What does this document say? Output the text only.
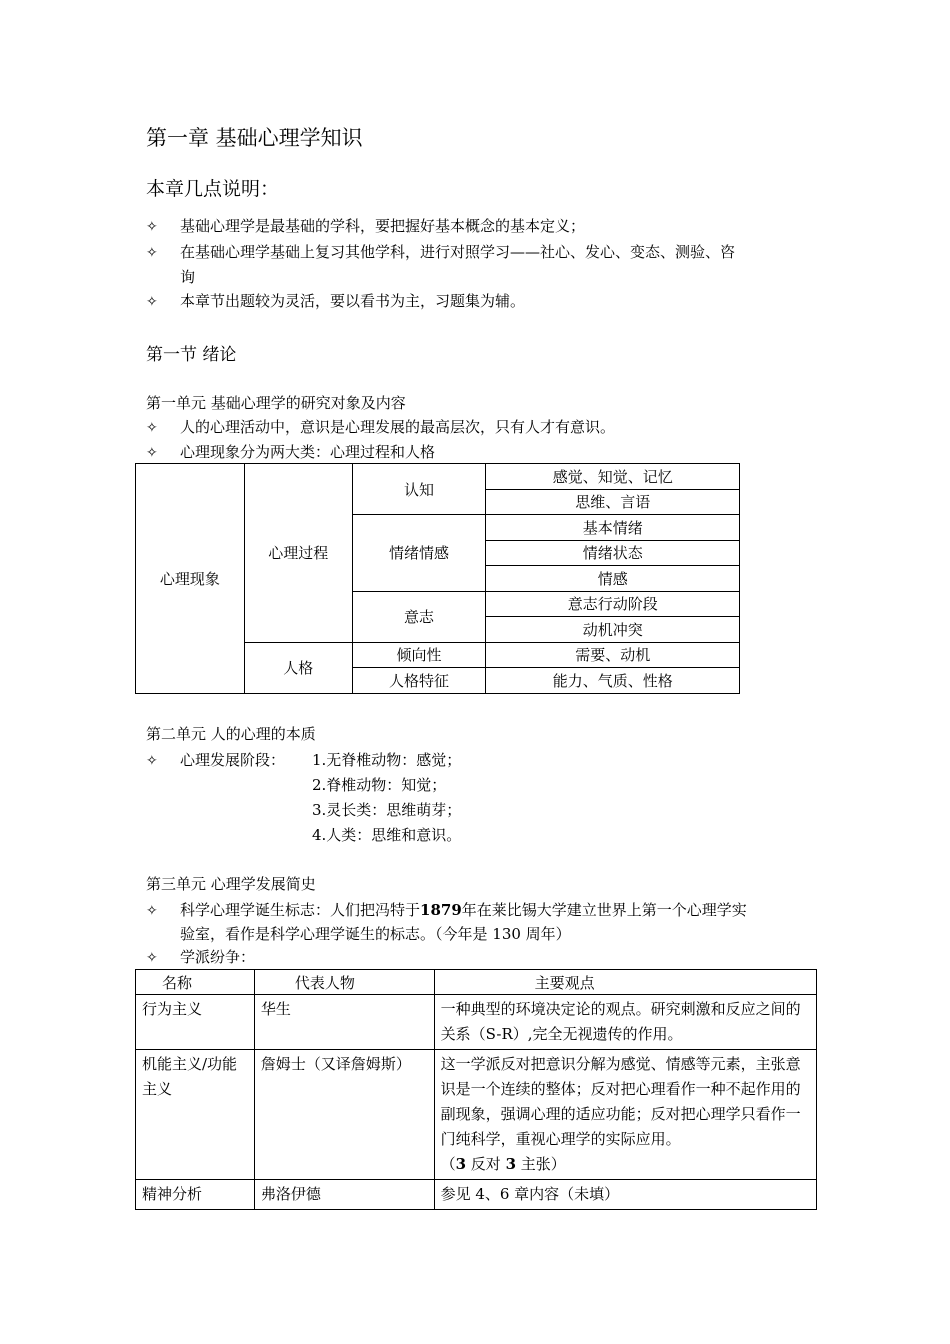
第一章 基础心理学知识
本章几点说明：
✧ 基础心理学是最基础的学科，要把握好基本概念的基本定义；
✧ 在基础心理学基础上复习其他学科，进行对照学习——社心、发心、变态、测验、咨
询
✧ 本章节出题较为灵活，要以看书为主，习题集为辅。
第一节 绪论
第一单元 基础心理学的研究对象及内容
✧ 人的心理活动中，意识是心理发展的最高层次，只有人才有意识。
✧ 心理现象分为两大类：心理过程和人格
心理现象	心理过程	认知	感觉、知觉、记忆
			思维、言语
		情绪情感	基本情绪
			情绪状态
			情感
		意志	意志行动阶段
			动机冲突
	人格	倾向性	需要、动机
		人格特征	能力、气质、性格
第二单元 人的心理的本质
✧ 心理发展阶段： 1.无脊椎动物：感觉；
2.脊椎动物：知觉；
3.灵长类：思维萌芽；
4.人类：思维和意识。
第三单元 心理学发展简史
✧ 科学心理学诞生标志：人们把冯特于1879年在莱比锡大学建立世界上第一个心理学实
验室，看作是科学心理学诞生的标志。（今年是 130 周年）
✧ 学派纷争：
名称	代表人物	主要观点
行为主义	华生	一种典型的环境决定论的观点。研究刺激和反应之间的关系（S-R）,完全无视遗传的作用。
机能主义/功能主义	詹姆士（又译詹姆斯）	这一学派反对把意识分解为感觉、情感等元素，主张意识是一个连续的整体；反对把心理看作一种不起作用的副现象，强调心理的适应功能；反对把心理学只看作一门纯科学，重视心理学的实际应用。
（3 反对 3 主张）
精神分析	弗洛伊德	参见 4、6 章内容（未填）
